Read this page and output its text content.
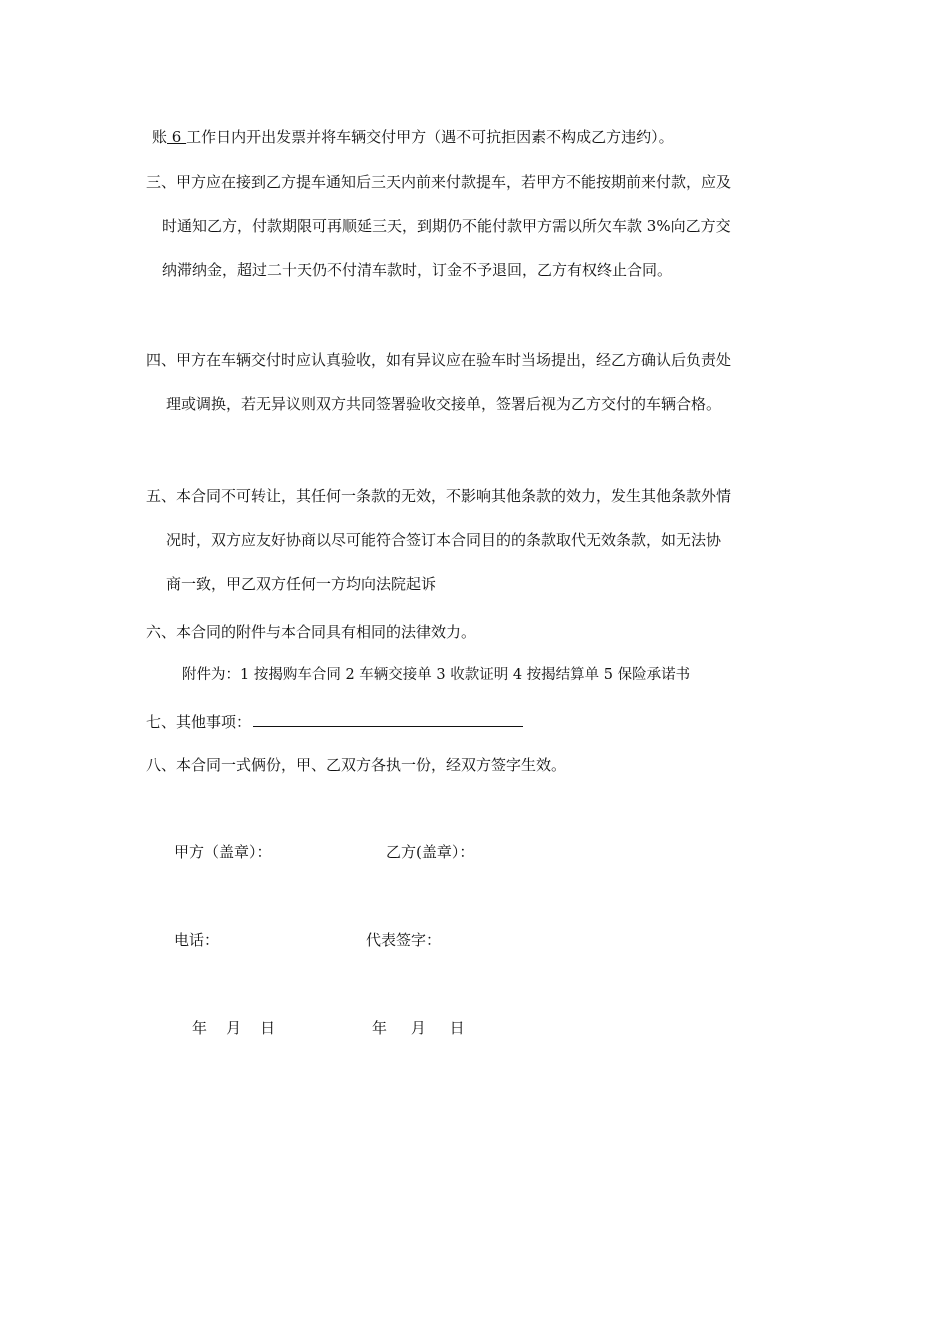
账 6 工作日内开出发票并将车辆交付甲方（遇不可抗拒因素不构成乙方违约）。
三、甲方应在接到乙方提车通知后三天内前来付款提车，若甲方不能按期前来付款，应及
时通知乙方，付款期限可再顺延三天，到期仍不能付款甲方需以所欠车款 3%向乙方交
纳滞纳金，超过二十天仍不付清车款时，订金不予退回，乙方有权终止合同。
四、甲方在车辆交付时应认真验收，如有异议应在验车时当场提出，经乙方确认后负责处
理或调换，若无异议则双方共同签署验收交接单，签署后视为乙方交付的车辆合格。
五、本合同不可转让，其任何一条款的无效，不影响其他条款的效力，发生其他条款外情
况时，双方应友好协商以尽可能符合签订本合同目的的条款取代无效条款，如无法协
商一致，甲乙双方任何一方均向法院起诉
六、本合同的附件与本合同具有相同的法律效力。
附件为：1 按揭购车合同 2 车辆交接单 3 收款证明 4 按揭结算单 5 保险承诺书
七、其他事项：
八、本合同一式俩份，甲、乙双方各执一份，经双方签字生效。
甲方（盖章）：	乙方(盖章）：
电话：	代表签字：
年    月    日	年     月     日
